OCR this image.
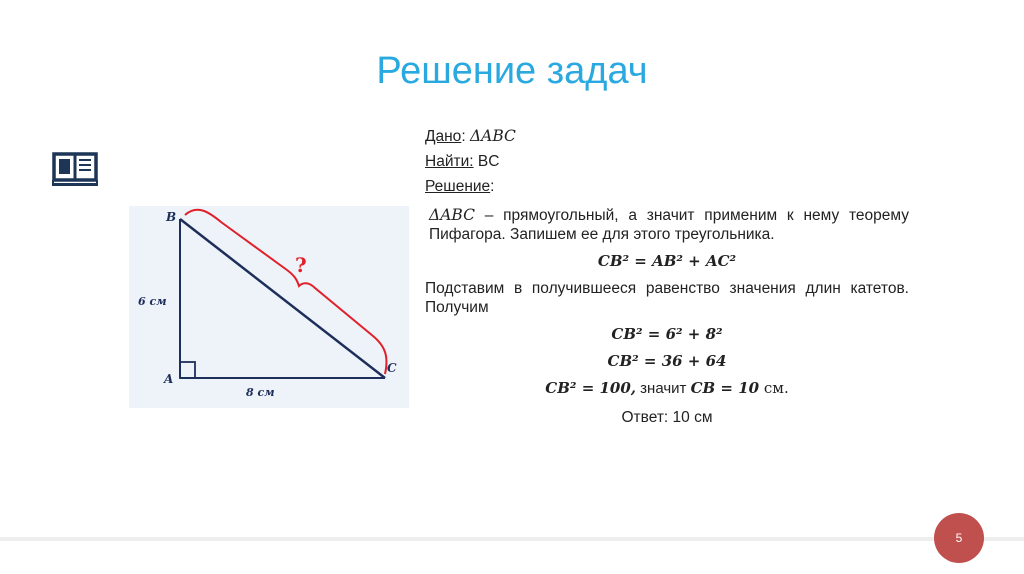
Решение задач
?
B
A
C
6 см
8 см
Дано: ΔABC
Найти: BC
Решение:
ΔABC – прямоугольный, а значит применим к нему теорему Пифагора. Запишем ее для этого треугольника.
CB² = AB² + AC²
Подставим в получившееся равенство значения длин катетов. Получим
CB² = 6² + 8²
CB² = 36 + 64
CB² = 100, значит CB = 10 см.
Ответ: 10 см
5
